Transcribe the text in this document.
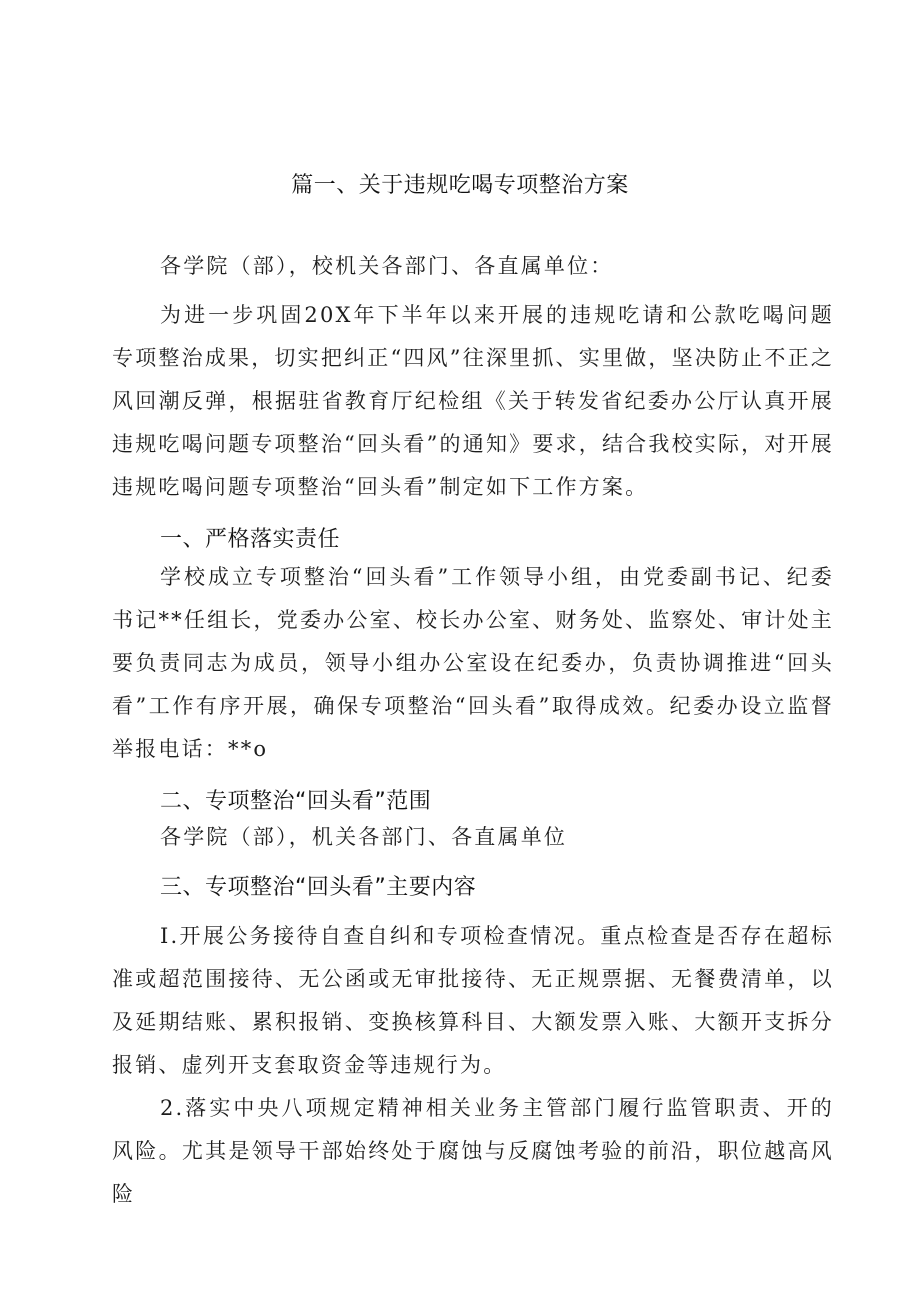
篇一、关于违规吃喝专项整治方案
各学院（部），校机关各部门、各直属单位：
为进一步巩固20X年下半年以来开展的违规吃请和公款吃喝问题专项整治成果，切实把纠正“四风”往深里抓、实里做，坚决防止不正之风回潮反弹，根据驻省教育厅纪检组《关于转发省纪委办公厅认真开展违规吃喝问题专项整治“回头看”的通知》要求，结合我校实际，对开展违规吃喝问题专项整治“回头看”制定如下工作方案。
一、严格落实责任
学校成立专项整治“回头看”工作领导小组，由党委副书记、纪委书记**任组长，党委办公室、校长办公室、财务处、监察处、审计处主要负责同志为成员，领导小组办公室设在纪委办，负责协调推进“回头看”工作有序开展，确保专项整治“回头看”取得成效。纪委办设立监督举报电话：**o
二、专项整治“回头看”范围
各学院（部），机关各部门、各直属单位
三、专项整治“回头看”主要内容
I.开展公务接待自查自纠和专项检查情况。重点检查是否存在超标准或超范围接待、无公函或无审批接待、无正规票据、无餐费清单，以及延期结账、累积报销、变换核算科目、大额发票入账、大额开支拆分报销、虚列开支套取资金等违规行为。
2.落实中央八项规定精神相关业务主管部门履行监管职责、开的风险。尤其是领导干部始终处于腐蚀与反腐蚀考验的前沿，职位越高风险
